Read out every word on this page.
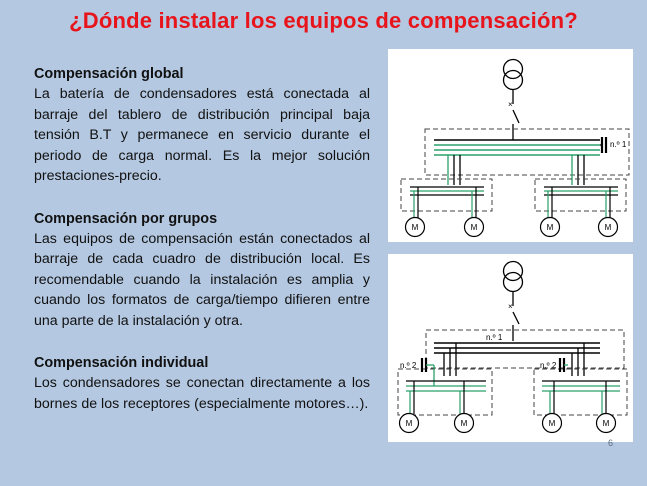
¿Dónde instalar los equipos de compensación?
Compensación global

La batería de condensadores está conectada al barraje del tablero de distribución principal baja tensión B.T y permanece en servicio durante el periodo de carga normal. Es la mejor solución prestaciones-precio.

Compensación por grupos

Las equipos de compensación están conectados al barraje de cada cuadro de distribución local. Es recomendable cuando la instalación es amplia y cuando los formatos de carga/tiempo difieren entre una parte de la instalación y otra.

Compensación individual

Los condensadores se conectan directamente a los bornes de los receptores (especialmente motores…).

×
n.º 1
M	M	M	M
×
n.º 1
n.º 2	n.º 2
M	M	M	M
6
